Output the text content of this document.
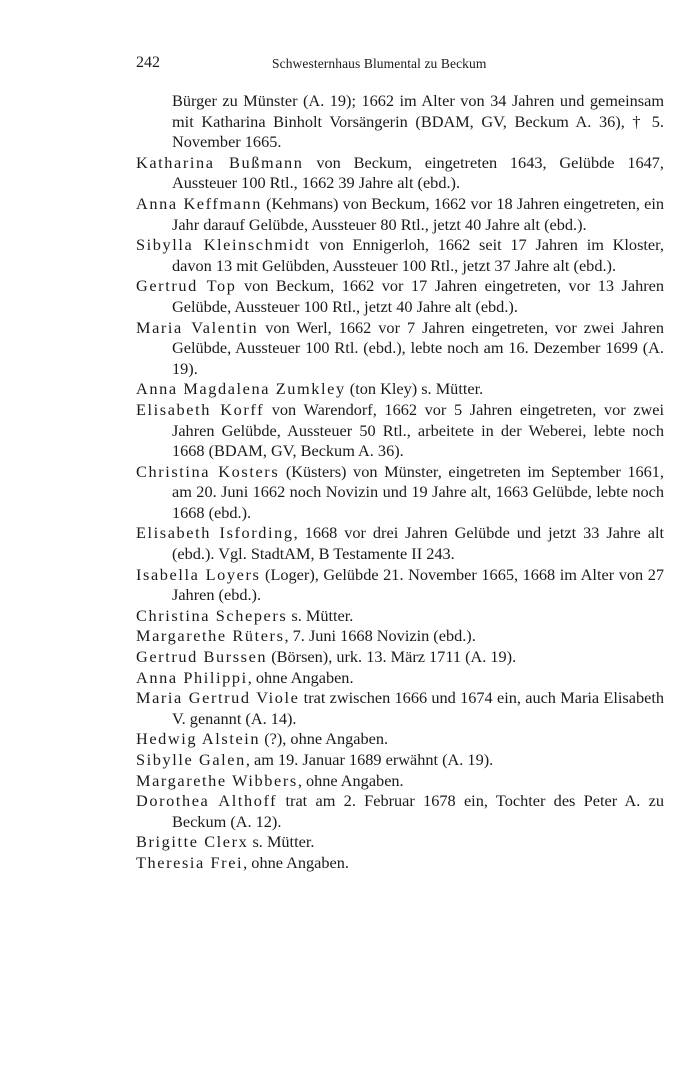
242	Schwesternhaus Blumental zu Beckum

Bürger zu Münster (A. 19); 1662 im Alter von 34 Jahren und gemeinsam mit Katharina Binholt Vorsängerin (BDAM, GV, Beckum A. 36), † 5. November 1665.

Katharina Bußmann von Beckum, eingetreten 1643, Gelübde 1647, Aussteuer 100 Rtl., 1662 39 Jahre alt (ebd.).

Anna Keffmann (Kehmans) von Beckum, 1662 vor 18 Jahren eingetreten, ein Jahr darauf Gelübde, Aussteuer 80 Rtl., jetzt 40 Jahre alt (ebd.).

Sibylla Kleinschmidt von Ennigerloh, 1662 seit 17 Jahren im Kloster, davon 13 mit Gelübden, Aussteuer 100 Rtl., jetzt 37 Jahre alt (ebd.).

Gertrud Top von Beckum, 1662 vor 17 Jahren eingetreten, vor 13 Jahren Gelübde, Aussteuer 100 Rtl., jetzt 40 Jahre alt (ebd.).

Maria Valentin von Werl, 1662 vor 7 Jahren eingetreten, vor zwei Jahren Gelübde, Aussteuer 100 Rtl. (ebd.), lebte noch am 16. Dezember 1699 (A. 19).

Anna Magdalena Zumkley (ton Kley) s. Mütter.

Elisabeth Korff von Warendorf, 1662 vor 5 Jahren eingetreten, vor zwei Jahren Gelübde, Aussteuer 50 Rtl., arbeitete in der Weberei, lebte noch 1668 (BDAM, GV, Beckum A. 36).

Christina Kosters (Küsters) von Münster, eingetreten im September 1661, am 20. Juni 1662 noch Novizin und 19 Jahre alt, 1663 Gelübde, lebte noch 1668 (ebd.).

Elisabeth Isfording, 1668 vor drei Jahren Gelübde und jetzt 33 Jahre alt (ebd.). Vgl. StadtAM, B Testamente II 243.

Isabella Loyers (Loger), Gelübde 21. November 1665, 1668 im Alter von 27 Jahren (ebd.).

Christina Schepers s. Mütter.

Margarethe Rüters, 7. Juni 1668 Novizin (ebd.).

Gertrud Burssen (Börsen), urk. 13. März 1711 (A. 19).

Anna Philippi, ohne Angaben.

Maria Gertrud Viole trat zwischen 1666 und 1674 ein, auch Maria Elisabeth V. genannt (A. 14).

Hedwig Alstein (?), ohne Angaben.

Sibylle Galen, am 19. Januar 1689 erwähnt (A. 19).

Margarethe Wibbers, ohne Angaben.

Dorothea Althoff trat am 2. Februar 1678 ein, Tochter des Peter A. zu Beckum (A. 12).

Brigitte Clerx s. Mütter.

Theresia Frei, ohne Angaben.
